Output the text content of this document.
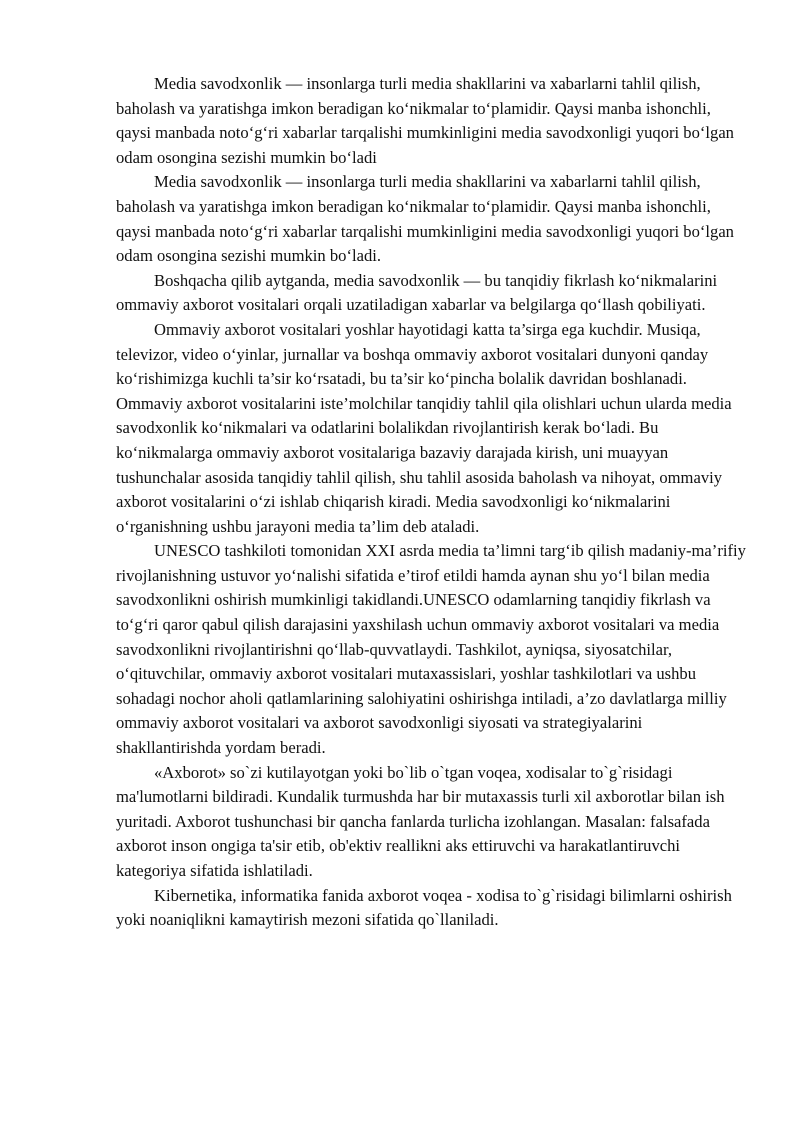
Media savodxonlik — insonlarga turli media shakllarini va xabarlarni tahlil qilish, baholash va yaratishga imkon beradigan ko‘nikmalar to‘plamidir. Qaysi manba ishonchli, qaysi manbada noto‘g‘ri xabarlar tarqalishi mumkinligini media savodxonligi yuqori bo‘lgan odam osongina sezishi mumkin bo‘ladi

Media savodxonlik — insonlarga turli media shakllarini va xabarlarni tahlil qilish, baholash va yaratishga imkon beradigan ko‘nikmalar to‘plamidir. Qaysi manba ishonchli, qaysi manbada noto‘g‘ri xabarlar tarqalishi mumkinligini media savodxonligi yuqori bo‘lgan odam osongina sezishi mumkin bo‘ladi.

Boshqacha qilib aytganda, media savodxonlik — bu tanqidiy fikrlash ko‘nikmalarini ommaviy axborot vositalari orqali uzatiladigan xabarlar va belgilarga qo‘llash qobiliyati.

Ommaviy axborot vositalari yoshlar hayotidagi katta ta’sirga ega kuchdir. Musiqa, televizor, video o‘yinlar, jurnallar va boshqa ommaviy axborot vositalari dunyoni qanday ko‘rishimizga kuchli ta’sir ko‘rsatadi, bu ta’sir ko‘pincha bolalik davridan boshlanadi. Ommaviy axborot vositalarini iste’molchilar tanqidiy tahlil qila olishlari uchun ularda media savodxonlik ko‘nikmalari va odatlarini bolalikdan rivojlantirish kerak bo‘ladi. Bu ko‘nikmalarga ommaviy axborot vositalariga bazaviy darajada kirish, uni muayyan tushunchalar asosida tanqidiy tahlil qilish, shu tahlil asosida baholash va nihoyat, ommaviy axborot vositalarini o‘zi ishlab chiqarish kiradi. Media savodxonligi ko‘nikmalarini o‘rganishning ushbu jarayoni media ta’lim deb ataladi.

UNESCO tashkiloti tomonidan XXI asrda media ta’limni targ‘ib qilish madaniy-ma’rifiy rivojlanishning ustuvor yo‘nalishi sifatida e’tirof etildi hamda aynan shu yo‘l bilan media savodxonlikni oshirish mumkinligi takidlandi.UNESCO odamlarning tanqidiy fikrlash va to‘g‘ri qaror qabul qilish darajasini yaxshilash uchun ommaviy axborot vositalari va media savodxonlikni rivojlantirishni qo‘llab-quvvatlaydi. Tashkilot, ayniqsa, siyosatchilar, o‘qituvchilar, ommaviy axborot vositalari mutaxassislari, yoshlar tashkilotlari va ushbu sohadagi nochor aholi qatlamlarining salohiyatini oshirishga intiladi, a’zo davlatlarga milliy ommaviy axborot vositalari va axborot savodxonligi siyosati va strategiyalarini shakllantirishda yordam beradi.

«Axborot» so`zi kutilayotgan yoki bo`lib o`tgan voqea, xodisalar to`g`risidagi ma'lumotlarni bildiradi. Kundalik turmushda har bir mutaxassis turli xil axborotlar bilan ish yuritadi. Axborot tushunchasi bir qancha fanlarda turlicha izohlangan. Masalan: falsafada axborot inson ongiga ta'sir etib, ob'ektiv reallikni aks ettiruvchi va harakatlantiruvchi kategoriya sifatida ishlatiladi.

Kibernetika, informatika fanida axborot voqea - xodisa to`g`risidagi bilimlarni oshirish yoki noaniqlikni kamaytirish mezoni sifatida qo`llaniladi.
